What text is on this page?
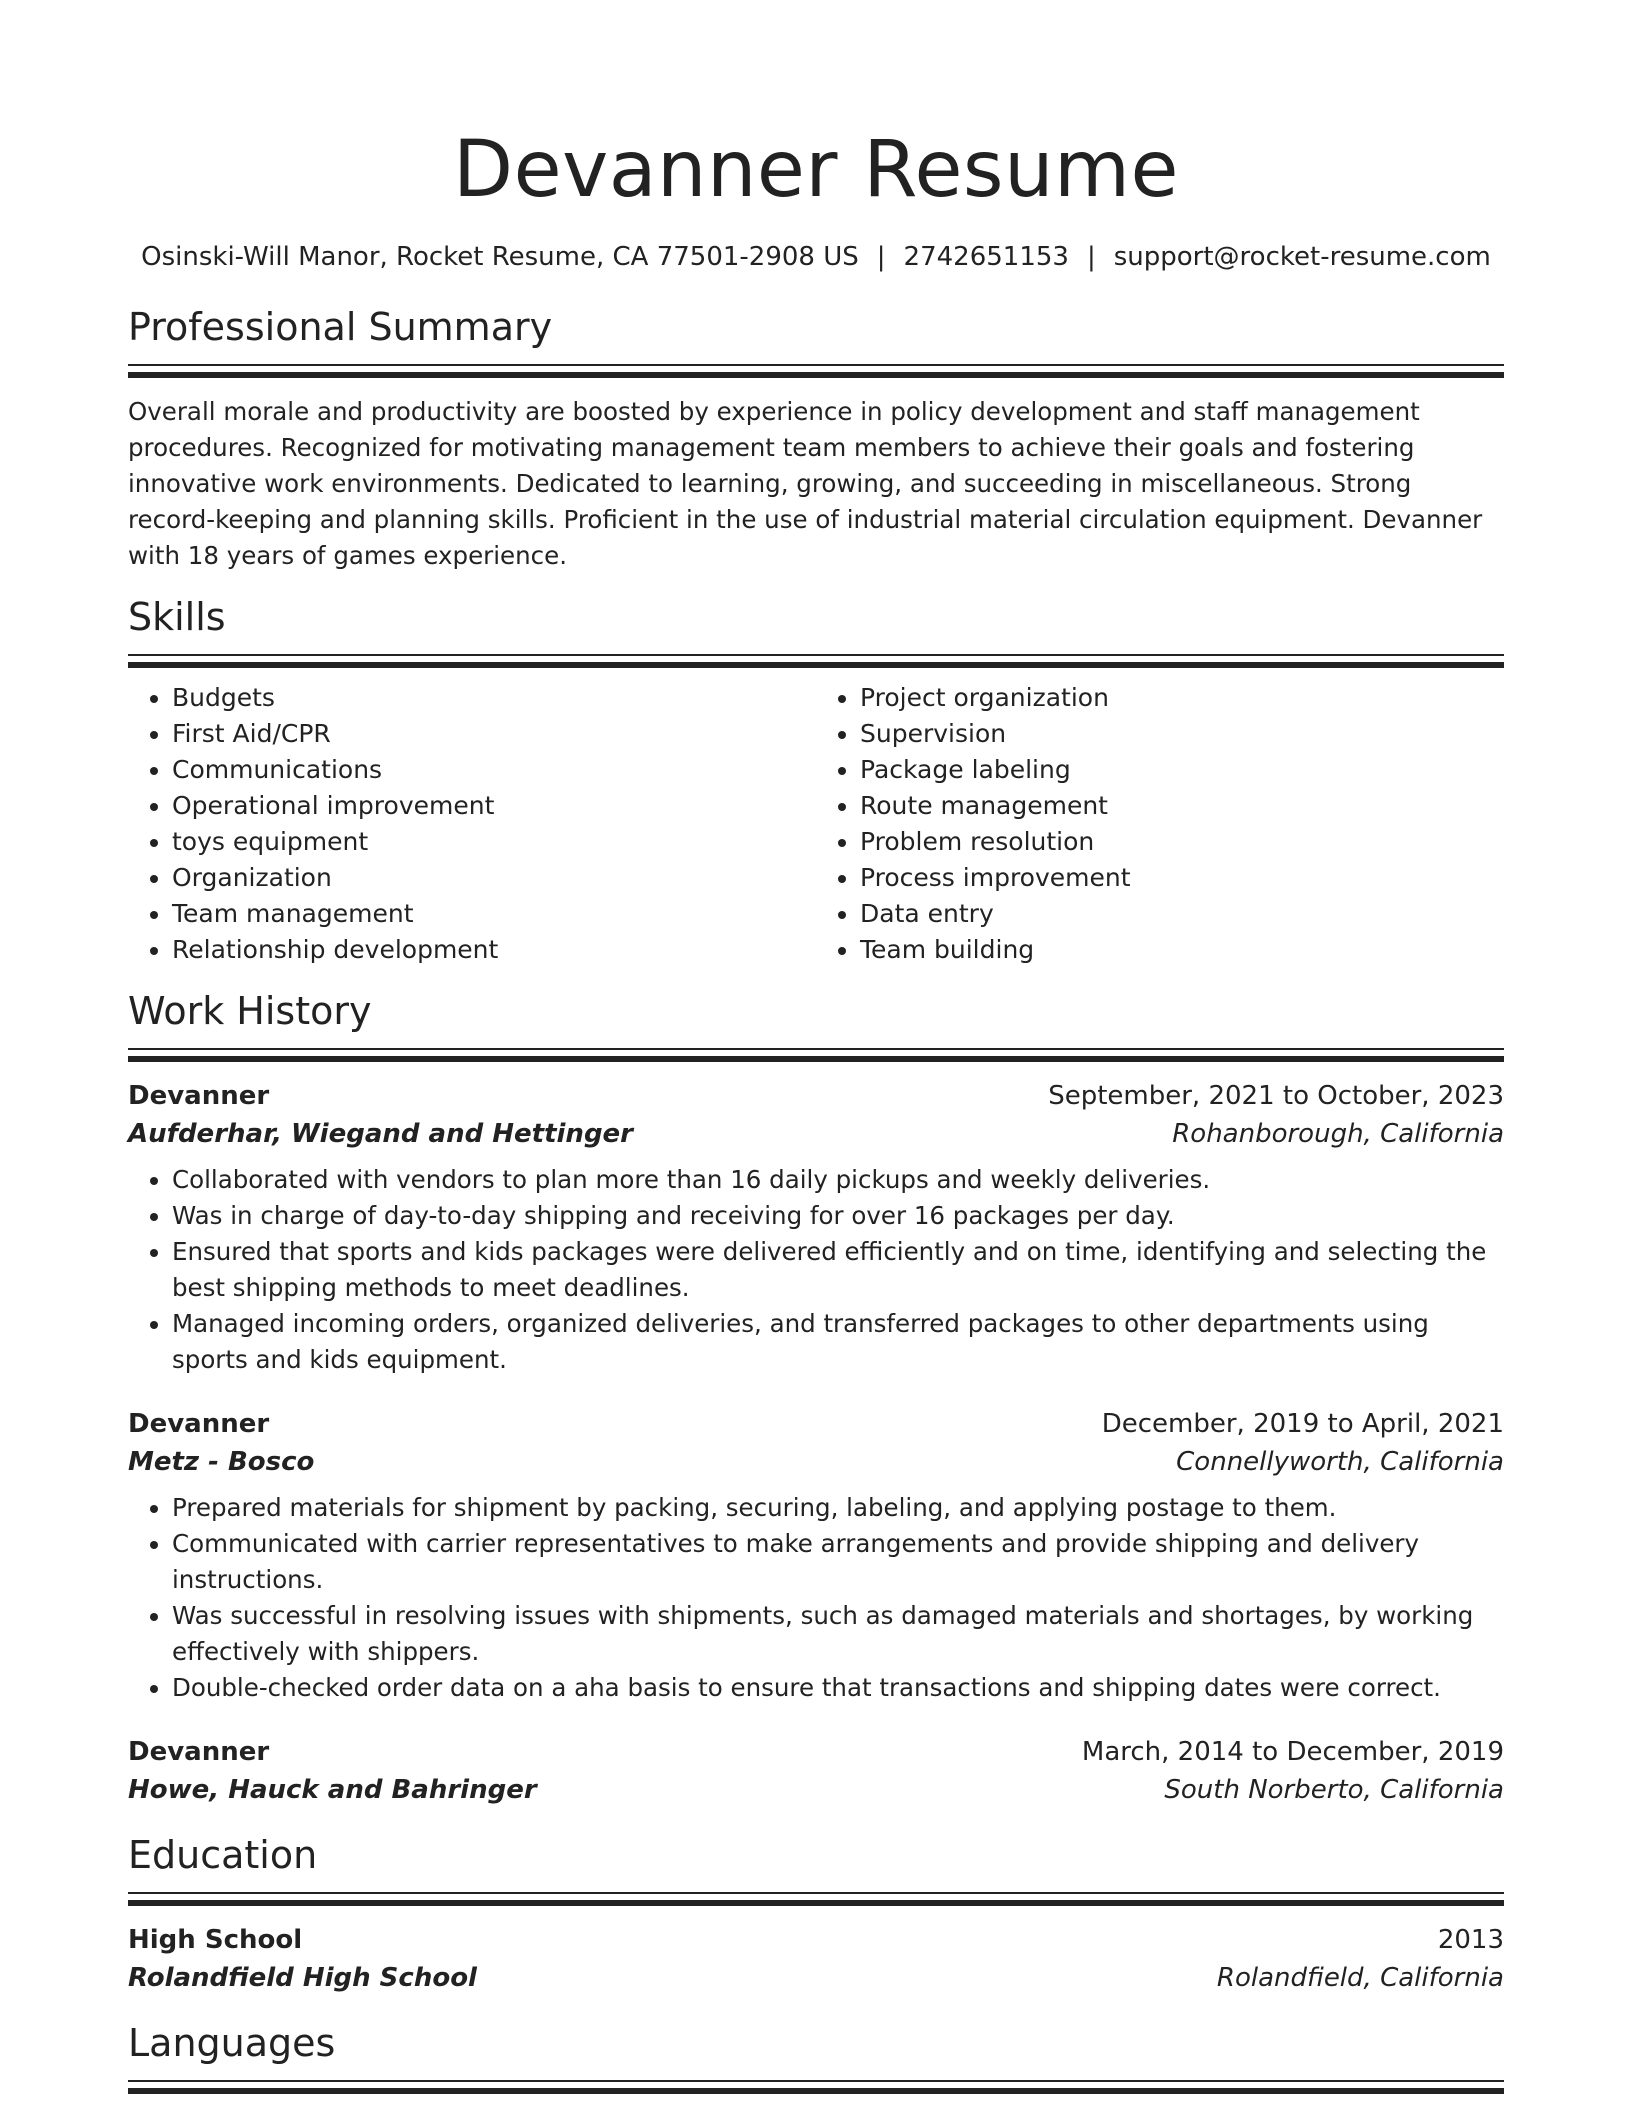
Devanner Resume
Osinski-Will Manor, Rocket Resume, CA 77501-2908 US | 2742651153 | support@rocket-resume.com
Professional Summary
Overall morale and productivity are boosted by experience in policy development and staff management procedures. Recognized for motivating management team members to achieve their goals and fostering innovative work environments. Dedicated to learning, growing, and succeeding in miscellaneous. Strong record-keeping and planning skills. Proficient in the use of industrial material circulation equipment. Devanner with 18 years of games experience.
Skills
• Budgets
• First Aid/CPR
• Communications
• Operational improvement
• toys equipment
• Organization
• Team management
• Relationship development
• Project organization
• Supervision
• Package labeling
• Route management
• Problem resolution
• Process improvement
• Data entry
• Team building
Work History
Devanner	September, 2021 to October, 2023
Aufderhar, Wiegand and Hettinger	Rohanborough, California
• Collaborated with vendors to plan more than 16 daily pickups and weekly deliveries.
• Was in charge of day-to-day shipping and receiving for over 16 packages per day.
• Ensured that sports and kids packages were delivered efficiently and on time, identifying and selecting the best shipping methods to meet deadlines.
• Managed incoming orders, organized deliveries, and transferred packages to other departments using sports and kids equipment.
Devanner	December, 2019 to April, 2021
Metz - Bosco	Connellyworth, California
• Prepared materials for shipment by packing, securing, labeling, and applying postage to them.
• Communicated with carrier representatives to make arrangements and provide shipping and delivery instructions.
• Was successful in resolving issues with shipments, such as damaged materials and shortages, by working effectively with shippers.
• Double-checked order data on a aha basis to ensure that transactions and shipping dates were correct.
Devanner	March, 2014 to December, 2019
Howe, Hauck and Bahringer	South Norberto, California
Education
High School	2013
Rolandfield High School	Rolandfield, California
Languages
